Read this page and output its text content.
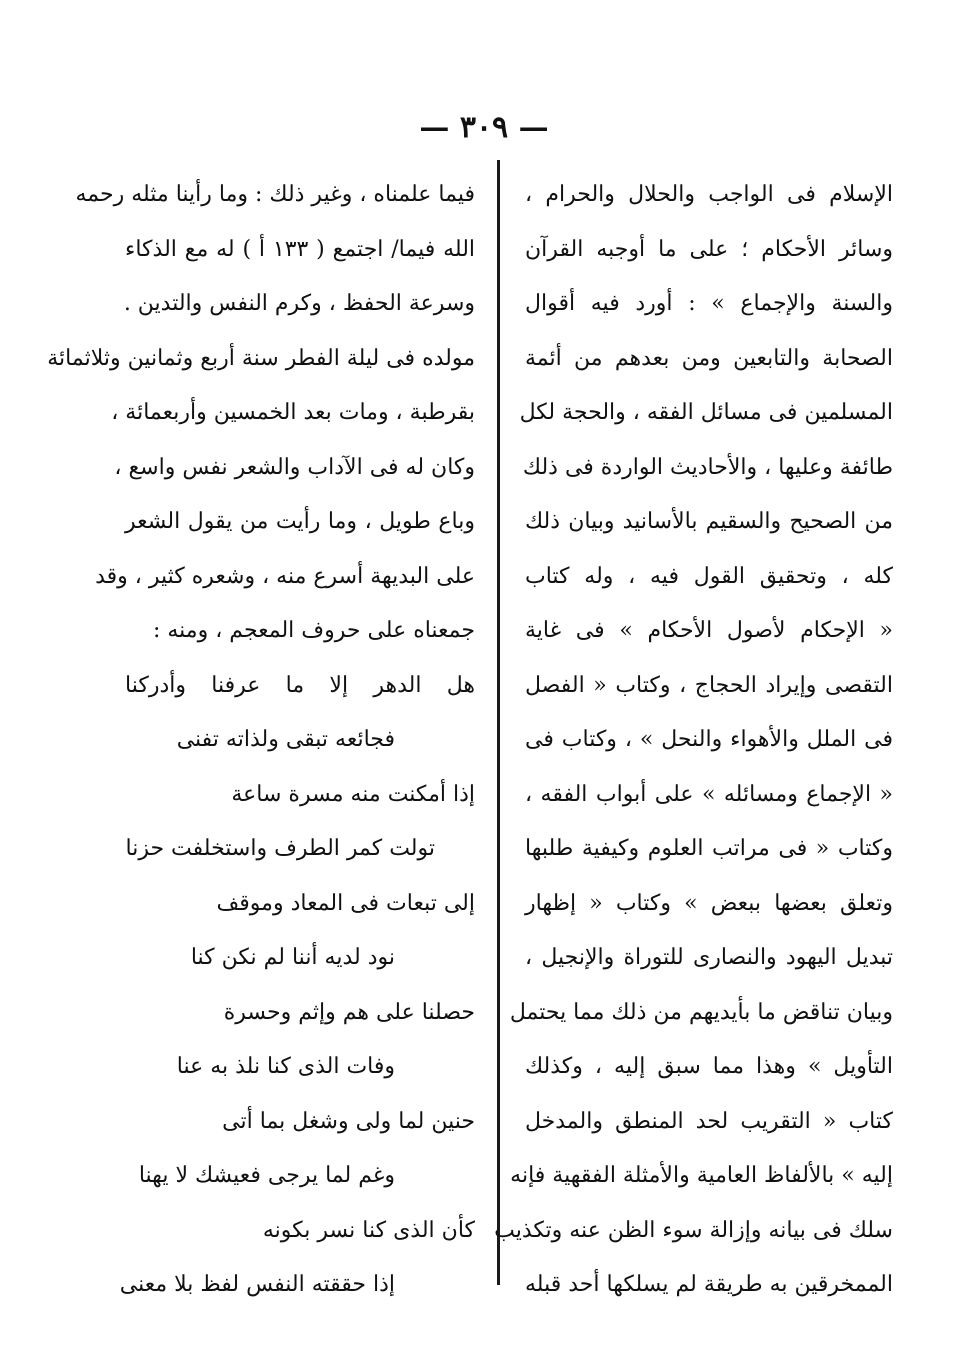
— ٣٠٩ —
الإسلام فى الواجب والحلال والحرام ،
وسائر الأحكام ؛ على ما أوجبه القرآن
والسنة والإجماع » : أورد فيه أقوال
الصحابة والتابعين ومن بعدهم من أئمة
المسلمين فى مسائل الفقه ، والحجة لكل
طائفة وعليها ، والأحاديث الواردة فى ذلك
من الصحيح والسقيم بالأسانيد وبيان ذلك
كله ، وتحقيق القول فيه ، وله كتاب
« الإحكام لأصول الأحكام » فى غاية
التقصى وإيراد الحجاج ، وكتاب « الفصل
فى الملل والأهواء والنحل » ، وكتاب فى
« الإجماع ومسائله » على أبواب الفقه ،
وكتاب « فى مراتب العلوم وكيفية طلبها
وتعلق بعضها ببعض » وكتاب « إظهار
تبديل اليهود والنصارى للتوراة والإنجيل ،
وبيان تناقض ما بأيديهم من ذلك مما يحتمل
التأويل » وهذا مما سبق إليه ، وكذلك
كتاب « التقريب لحد المنطق والمدخل
إليه » بالألفاظ العامية والأمثلة الفقهية فإنه
سلك فى بيانه وإزالة سوء الظن عنه وتكذيب
الممخرقين به طريقة لم يسلكها أحد قبله
فيما علمناه ، وغير ذلك : وما رأينا مثله رحمه
الله فيما/ اجتمع ( ١٣٣ أ ) له مع الذكاء
وسرعة الحفظ ، وكرم النفس والتدين .
مولده فى ليلة الفطر سنة أربع وثمانين وثلاثمائة
بقرطبة ، ومات بعد الخمسين وأربعمائة ،
وكان له فى الآداب والشعر نفس واسع ،
وباع طويل ، وما رأيت من يقول الشعر
على البديهة أسرع منه ، وشعره كثير ، وقد
جمعناه على حروف المعجم ، ومنه :
هل الدهر إلا ما عرفنا وأدركنا
فجائعه تبقى ولذاته تفنى
إذا أمكنت منه مسرة ساعة
تولت كمر الطرف واستخلفت حزنا
إلى تبعات فى المعاد وموقف
نود لديه أننا لم نكن كنا
حصلنا على هم وإثم وحسرة
وفات الذى كنا نلذ به عنا
حنين لما ولى وشغل بما أتى
وغم لما يرجى فعيشك لا يهنا
كأن الذى كنا نسر بكونه
إذا حققته النفس لفظ بلا معنى
